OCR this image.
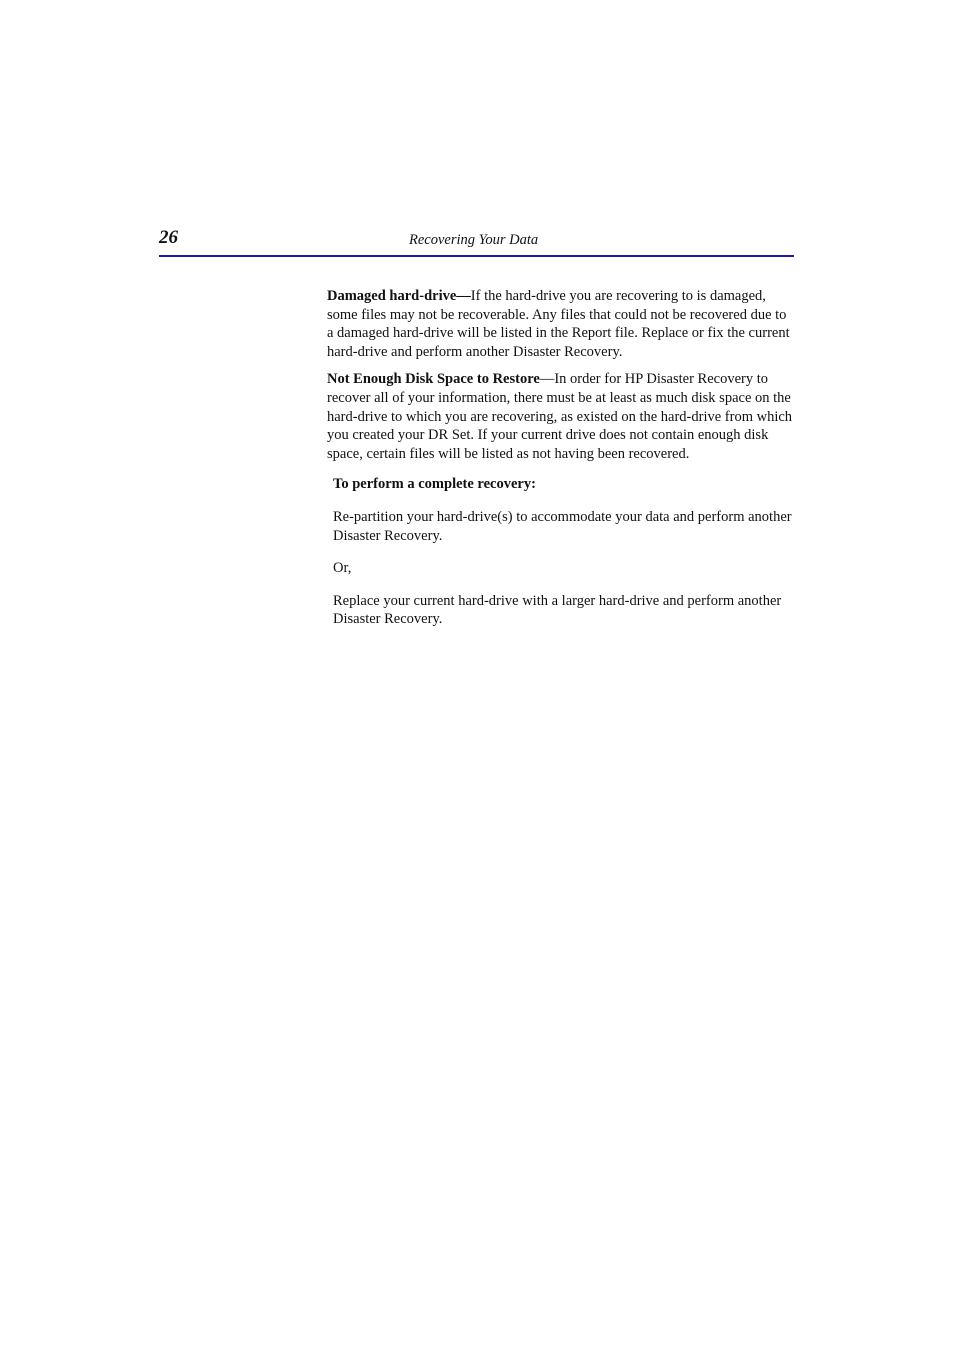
26	Recovering Your Data

Damaged hard-drive—If the hard-drive you are recovering to is damaged, some files may not be recoverable. Any files that could not be recovered due to a damaged hard-drive will be listed in the Report file. Replace or fix the current hard-drive and perform another Disaster Recovery.

Not Enough Disk Space to Restore—In order for HP Disaster Recovery to recover all of your information, there must be at least as much disk space on the hard-drive to which you are recovering, as existed on the hard-drive from which you created your DR Set. If your current drive does not contain enough disk space, certain files will be listed as not having been recovered.

To perform a complete recovery:

Re-partition your hard-drive(s) to accommodate your data and perform another Disaster Recovery.

Or,

Replace your current hard-drive with a larger hard-drive and perform another Disaster Recovery.
